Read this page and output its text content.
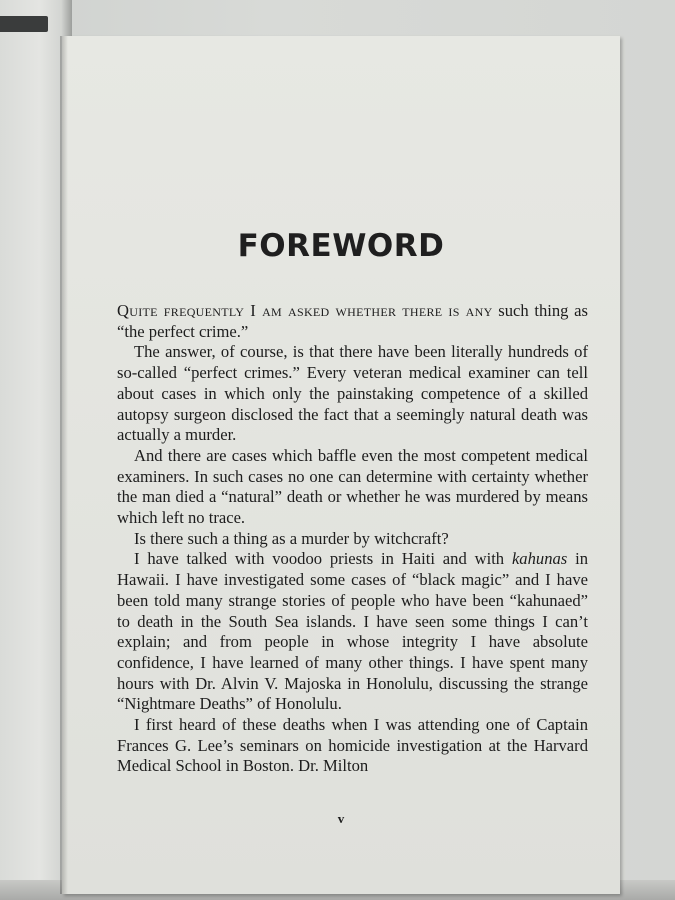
FOREWORD

Quite frequently I am asked whether there is any such thing as “the perfect crime.”

The answer, of course, is that there have been literally hundreds of so-called “perfect crimes.” Every veteran medical examiner can tell about cases in which only the painstaking competence of a skilled autopsy surgeon disclosed the fact that a seemingly natural death was actually a murder.

And there are cases which baffle even the most competent medical examiners. In such cases no one can determine with certainty whether the man died a “natural” death or whether he was murdered by means which left no trace.

Is there such a thing as a murder by witchcraft?

I have talked with voodoo priests in Haiti and with kahunas in Hawaii. I have investigated some cases of “black magic” and I have been told many strange stories of people who have been “kahunaed” to death in the South Sea islands. I have seen some things I can’t explain; and from people in whose integrity I have absolute confidence, I have learned of many other things. I have spent many hours with Dr. Alvin V. Majoska in Honolulu, discussing the strange “Nightmare Deaths” of Honolulu.

I first heard of these deaths when I was attending one of Captain Frances G. Lee’s seminars on homicide investigation at the Harvard Medical School in Boston. Dr. Milton

v
